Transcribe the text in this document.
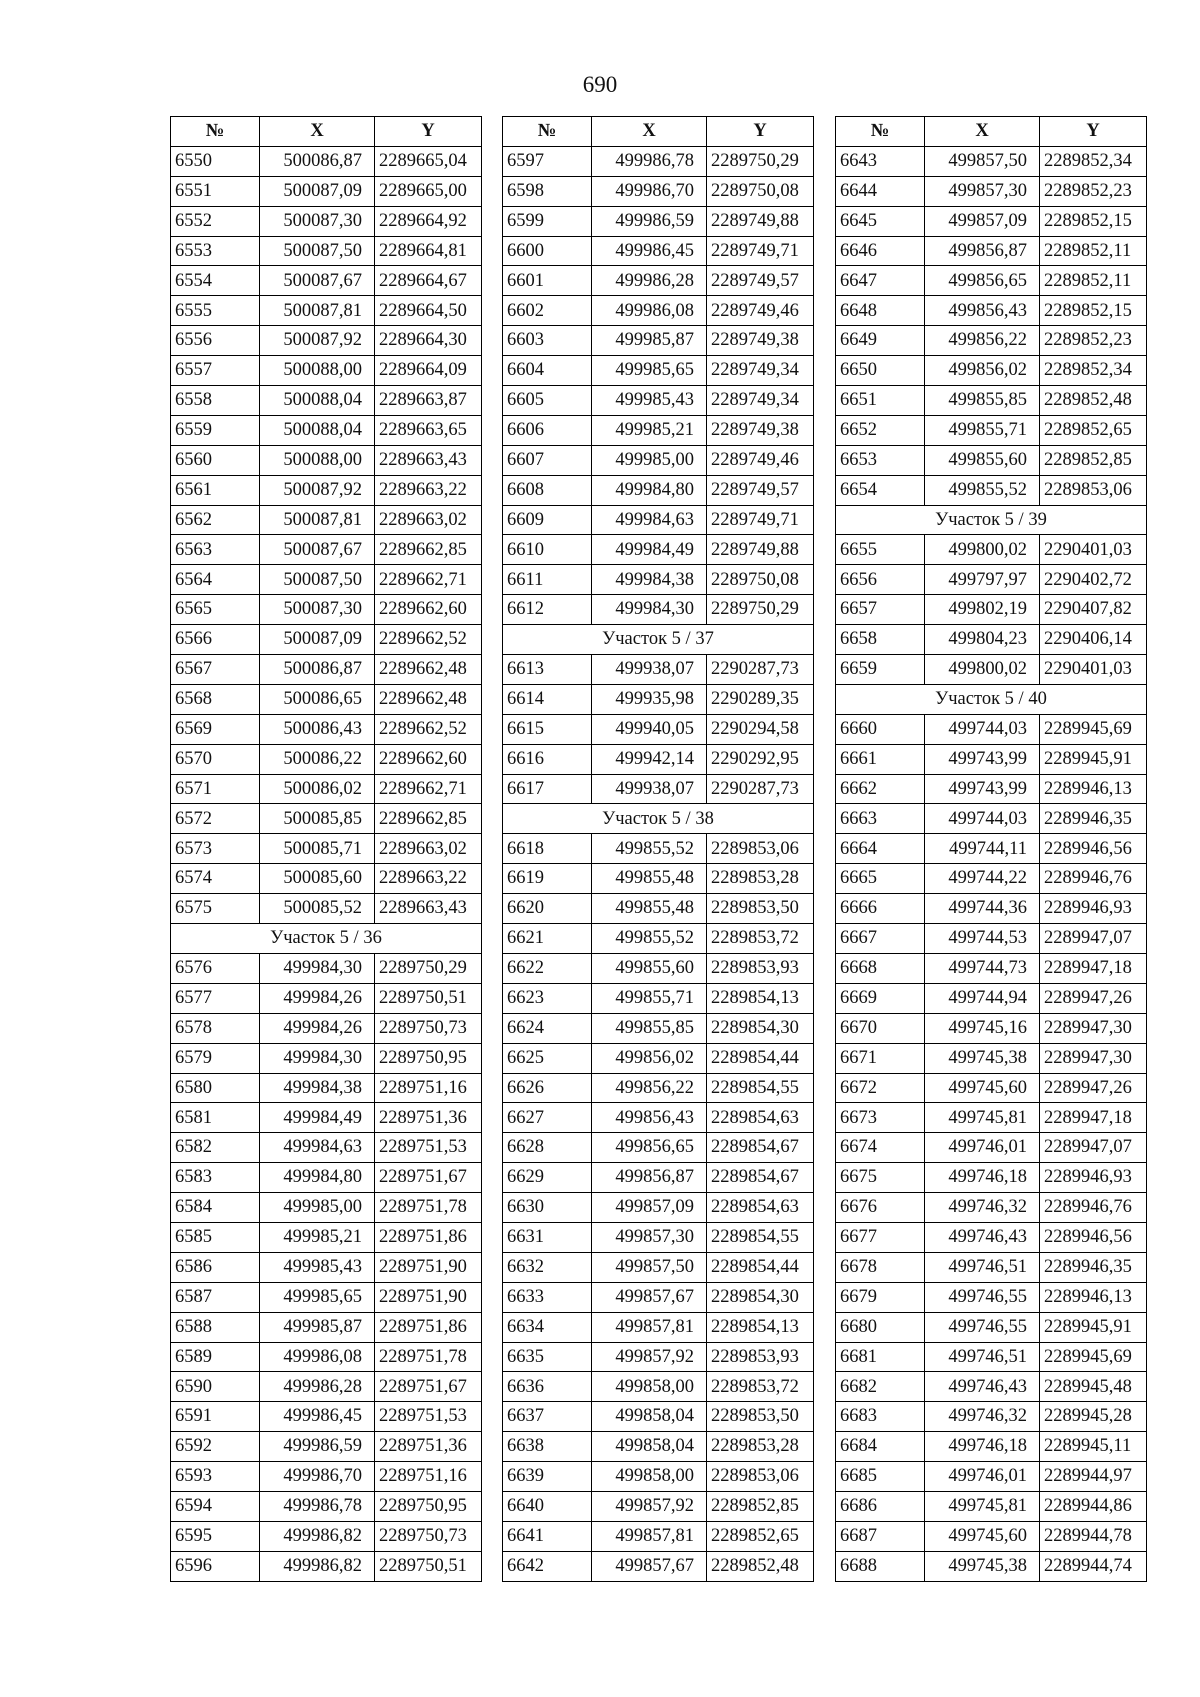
690
№	X	Y
6550	500086,87	2289665,04
6551	500087,09	2289665,00
6552	500087,30	2289664,92
6553	500087,50	2289664,81
6554	500087,67	2289664,67
6555	500087,81	2289664,50
6556	500087,92	2289664,30
6557	500088,00	2289664,09
6558	500088,04	2289663,87
6559	500088,04	2289663,65
6560	500088,00	2289663,43
6561	500087,92	2289663,22
6562	500087,81	2289663,02
6563	500087,67	2289662,85
6564	500087,50	2289662,71
6565	500087,30	2289662,60
6566	500087,09	2289662,52
6567	500086,87	2289662,48
6568	500086,65	2289662,48
6569	500086,43	2289662,52
6570	500086,22	2289662,60
6571	500086,02	2289662,71
6572	500085,85	2289662,85
6573	500085,71	2289663,02
6574	500085,60	2289663,22
6575	500085,52	2289663,43
Участок 5 / 36		
6576	499984,30	2289750,29
6577	499984,26	2289750,51
6578	499984,26	2289750,73
6579	499984,30	2289750,95
6580	499984,38	2289751,16
6581	499984,49	2289751,36
6582	499984,63	2289751,53
6583	499984,80	2289751,67
6584	499985,00	2289751,78
6585	499985,21	2289751,86
6586	499985,43	2289751,90
6587	499985,65	2289751,90
6588	499985,87	2289751,86
6589	499986,08	2289751,78
6590	499986,28	2289751,67
6591	499986,45	2289751,53
6592	499986,59	2289751,36
6593	499986,70	2289751,16
6594	499986,78	2289750,95
6595	499986,82	2289750,73
6596	499986,82	2289750,51
№	X	Y
6597	499986,78	2289750,29
6598	499986,70	2289750,08
6599	499986,59	2289749,88
6600	499986,45	2289749,71
6601	499986,28	2289749,57
6602	499986,08	2289749,46
6603	499985,87	2289749,38
6604	499985,65	2289749,34
6605	499985,43	2289749,34
6606	499985,21	2289749,38
6607	499985,00	2289749,46
6608	499984,80	2289749,57
6609	499984,63	2289749,71
6610	499984,49	2289749,88
6611	499984,38	2289750,08
6612	499984,30	2289750,29
Участок 5 / 37		
6613	499938,07	2290287,73
6614	499935,98	2290289,35
6615	499940,05	2290294,58
6616	499942,14	2290292,95
6617	499938,07	2290287,73
Участок 5 / 38		
6618	499855,52	2289853,06
6619	499855,48	2289853,28
6620	499855,48	2289853,50
6621	499855,52	2289853,72
6622	499855,60	2289853,93
6623	499855,71	2289854,13
6624	499855,85	2289854,30
6625	499856,02	2289854,44
6626	499856,22	2289854,55
6627	499856,43	2289854,63
6628	499856,65	2289854,67
6629	499856,87	2289854,67
6630	499857,09	2289854,63
6631	499857,30	2289854,55
6632	499857,50	2289854,44
6633	499857,67	2289854,30
6634	499857,81	2289854,13
6635	499857,92	2289853,93
6636	499858,00	2289853,72
6637	499858,04	2289853,50
6638	499858,04	2289853,28
6639	499858,00	2289853,06
6640	499857,92	2289852,85
6641	499857,81	2289852,65
6642	499857,67	2289852,48
№	X	Y
6643	499857,50	2289852,34
6644	499857,30	2289852,23
6645	499857,09	2289852,15
6646	499856,87	2289852,11
6647	499856,65	2289852,11
6648	499856,43	2289852,15
6649	499856,22	2289852,23
6650	499856,02	2289852,34
6651	499855,85	2289852,48
6652	499855,71	2289852,65
6653	499855,60	2289852,85
6654	499855,52	2289853,06
Участок 5 / 39		
6655	499800,02	2290401,03
6656	499797,97	2290402,72
6657	499802,19	2290407,82
6658	499804,23	2290406,14
6659	499800,02	2290401,03
Участок 5 / 40		
6660	499744,03	2289945,69
6661	499743,99	2289945,91
6662	499743,99	2289946,13
6663	499744,03	2289946,35
6664	499744,11	2289946,56
6665	499744,22	2289946,76
6666	499744,36	2289946,93
6667	499744,53	2289947,07
6668	499744,73	2289947,18
6669	499744,94	2289947,26
6670	499745,16	2289947,30
6671	499745,38	2289947,30
6672	499745,60	2289947,26
6673	499745,81	2289947,18
6674	499746,01	2289947,07
6675	499746,18	2289946,93
6676	499746,32	2289946,76
6677	499746,43	2289946,56
6678	499746,51	2289946,35
6679	499746,55	2289946,13
6680	499746,55	2289945,91
6681	499746,51	2289945,69
6682	499746,43	2289945,48
6683	499746,32	2289945,28
6684	499746,18	2289945,11
6685	499746,01	2289944,97
6686	499745,81	2289944,86
6687	499745,60	2289944,78
6688	499745,38	2289944,74
